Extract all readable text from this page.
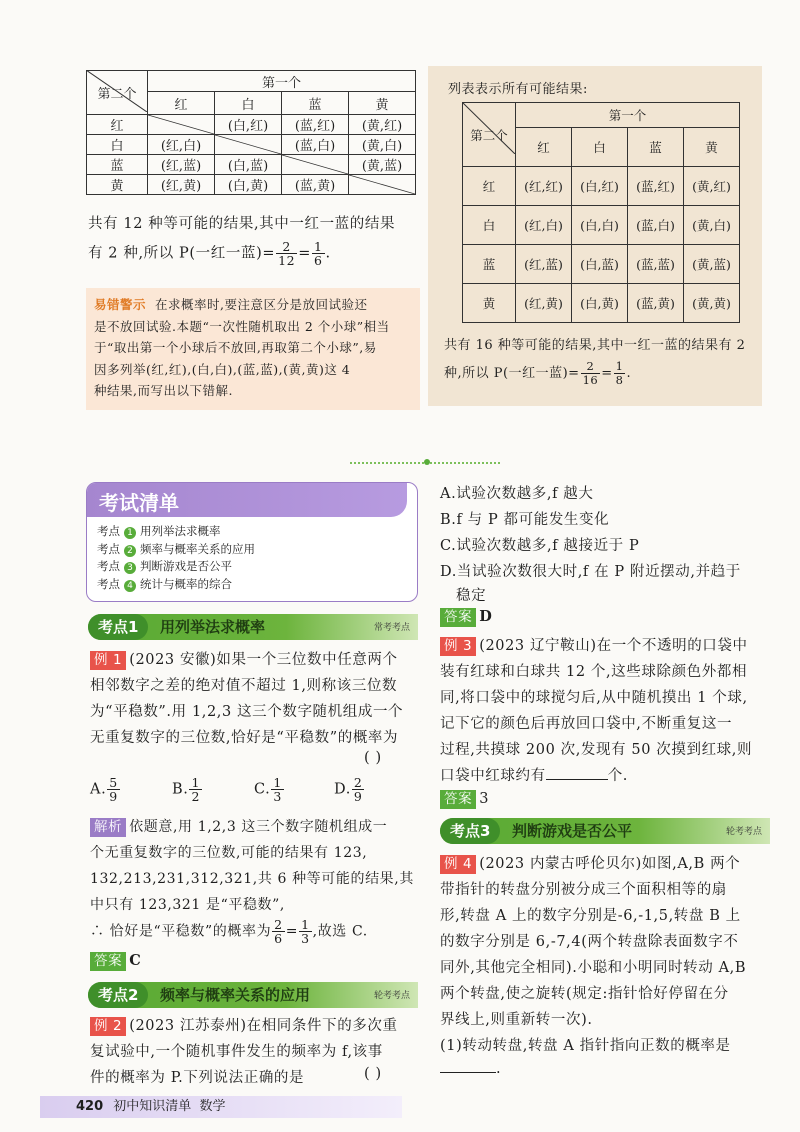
第二个	第一个			
	红	白	蓝	黄
红		(白,红)	(蓝,红)	(黄,红)
白	(红,白)		(蓝,白)	(黄,白)
蓝	(红,蓝)	(白,蓝)		(黄,蓝)
黄	(红,黄)	(白,黄)	(蓝,黄)	
共有 12 种等可能的结果,其中一红一蓝的结果
有 2 种,所以 P(一红一蓝)= $\frac{2}{12} = \frac{1}{6}$ .
易错警示 在求概率时,要注意区分是放回试验还
是不放回试验.本题“一次性随机取出 2 个小球”相当
于“取出第一个小球后不放回,再取第二个小球”,易
因多列举(红,红),(白,白),(蓝,蓝),(黄,黄)这 4
种结果,而写出以下错解.
列表表示所有可能结果:
第二个	第一个			
	红	白	蓝	黄
红	(红,红)	(白,红)	(蓝,红)	(黄,红)
白	(红,白)	(白,白)	(蓝,白)	(黄,白)
蓝	(红,蓝)	(白,蓝)	(蓝,蓝)	(黄,蓝)
黄	(红,黄)	(白,黄)	(蓝,黄)	(黄,黄)
共有 16 种等可能的结果,其中一红一蓝的结果有 2
种,所以 P(一红一蓝)= $\frac{2}{16} = \frac{1}{8}$ .
考试清单
考点 1 用列举法求概率
考点 2 频率与概率关系的应用
考点 3 判断游戏是否公平
考点 4 统计与概率的综合
考点1 用列举法求概率	常考考点
例 1 (2023 安徽)如果一个三位数中任意两个
相邻数字之差的绝对值不超过 1,则称该三位数
为“平稳数”.用 1,2,3 这三个数字随机组成一个
无重复数字的三位数,恰好是“平稳数”的概率为
( )
A. $\frac{5}{9}$	B. $\frac{1}{2}$	C. $\frac{1}{3}$	D. $\frac{2}{9}$
解析 依题意,用 1,2,3 这三个数字随机组成一
个无重复数字的三位数,可能的结果有 123,
132,213,231,312,321,共 6 种等可能的结果,其
中只有 123,321 是“平稳数”,
∴ 恰好是“平稳数”的概率为 $\frac{2}{6} = \frac{1}{3}$ ,故选 C.
答案 C
考点2 频率与概率关系的应用	轮考考点
例 2 (2023 江苏泰州)在相同条件下的多次重
复试验中,一个随机事件发生的频率为 f,该事
件的概率为 P.下列说法正确的是	( )
420 初中知识清单 数学
A.试验次数越多,f 越大
B.f 与 P 都可能发生变化
C.试验次数越多,f 越接近于 P
D.当试验次数很大时,f 在 P 附近摆动,并趋于
稳定
答案 D
例 3 (2023 辽宁鞍山)在一个不透明的口袋中
装有红球和白球共 12 个,这些球除颜色外都相
同,将口袋中的球搅匀后,从中随机摸出 1 个球,
记下它的颜色后再放回口袋中,不断重复这一
过程,共摸球 200 次,发现有 50 次摸到红球,则
口袋中红球约有	个.
答案 3
考点3 判断游戏是否公平	轮考考点
例 4 (2023 内蒙古呼伦贝尔)如图,A,B 两个
带指针的转盘分别被分成三个面积相等的扇
形,转盘 A 上的数字分别是-6,-1,5,转盘 B 上
的数字分别是 6,-7,4(两个转盘除表面数字不
同外,其他完全相同).小聪和小明同时转动 A,B
两个转盘,使之旋转(规定:指针恰好停留在分
界线上,则重新转一次).
(1)转动转盘,转盘 A 指针指向正数的概率是
.
